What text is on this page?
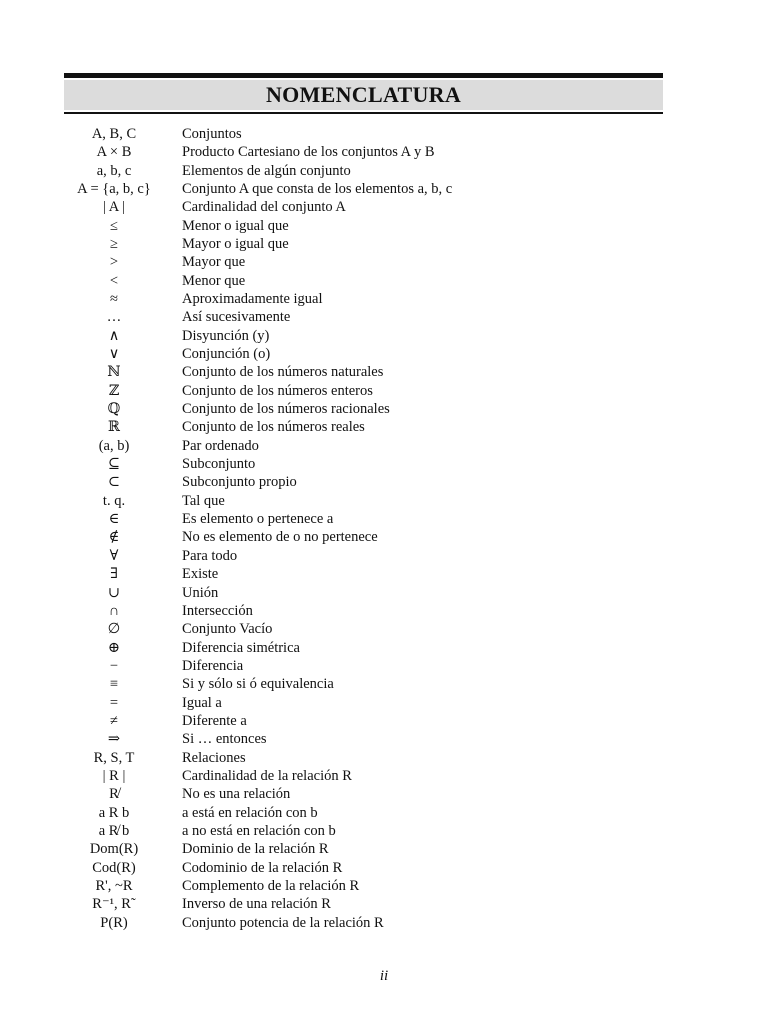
NOMENCLATURA
A, B, C	Conjuntos
A × B	Producto Cartesiano de los conjuntos A y B
a, b, c	Elementos de algún conjunto
A = {a, b, c}	Conjunto A que consta de los elementos a, b, c
| A |	Cardinalidad del conjunto A
≤	Menor o igual que
≥	Mayor o igual que
>	Mayor que
<	Menor que
≈	Aproximadamente igual
…	Así sucesivamente
∧	Disyunción (y)
∨	Conjunción (o)
ℕ	Conjunto de los números naturales
ℤ	Conjunto de los números enteros
ℚ	Conjunto de los números racionales
ℝ	Conjunto de los números reales
(a, b)	Par ordenado
⊆	Subconjunto
⊂	Subconjunto propio
t. q.	Tal que
∈	Es elemento o pertenece a
∉	No es elemento de o no pertenece
∀	Para todo
∃	Existe
∪	Unión
∩	Intersección
∅	Conjunto Vacío
⊕	Diferencia simétrica
−	Diferencia
≡	Si y sólo si ó equivalencia
=	Igual a
≠	Diferente a
⇒	Si … entonces
R, S, T	Relaciones
| R |	Cardinalidad de la relación R
R̸	No es una relación
a R b	a está en relación con b
a R̸ b	a no está en relación con b
Dom(R)	Dominio de la relación R
Cod(R)	Codominio de la relación R
R', ~R	Complemento de la relación R
R⁻¹, R˜	Inverso de una relación R
P(R)	Conjunto potencia de la relación R
ii
